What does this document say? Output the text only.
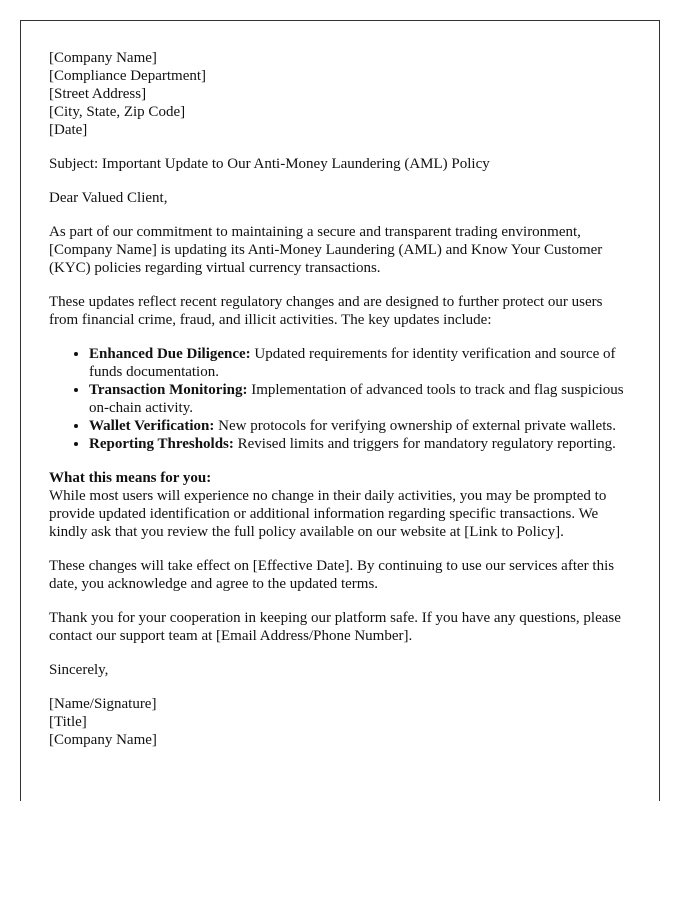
[Company Name]
[Compliance Department]
[Street Address]
[City, State, Zip Code]
[Date]

Subject: Important Update to Our Anti-Money Laundering (AML) Policy

Dear Valued Client,

As part of our commitment to maintaining a secure and transparent trading environment, [Company Name] is updating its Anti-Money Laundering (AML) and Know Your Customer (KYC) policies regarding virtual currency transactions.

These updates reflect recent regulatory changes and are designed to further protect our users from financial crime, fraud, and illicit activities. The key updates include:

• Enhanced Due Diligence: Updated requirements for identity verification and source of funds documentation.
• Transaction Monitoring: Implementation of advanced tools to track and flag suspicious on-chain activity.
• Wallet Verification: New protocols for verifying ownership of external private wallets.
• Reporting Thresholds: Revised limits and triggers for mandatory regulatory reporting.

What this means for you:
While most users will experience no change in their daily activities, you may be prompted to provide updated identification or additional information regarding specific transactions. We kindly ask that you review the full policy available on our website at [Link to Policy].

These changes will take effect on [Effective Date]. By continuing to use our services after this date, you acknowledge and agree to the updated terms.

Thank you for your cooperation in keeping our platform safe. If you have any questions, please contact our support team at [Email Address/Phone Number].

Sincerely,

[Name/Signature]
[Title]
[Company Name]
